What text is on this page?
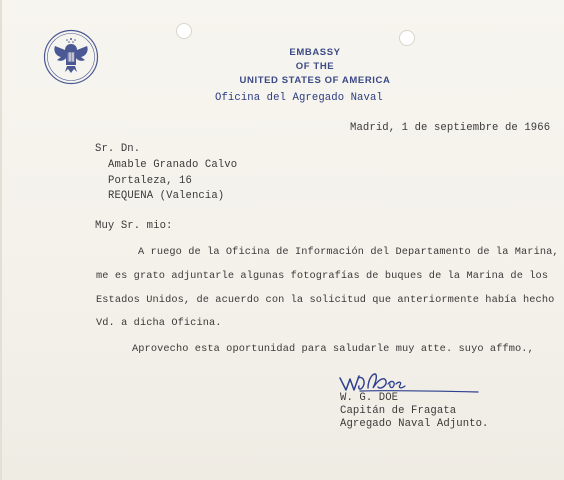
EMBASSY
OF THE
UNITED STATES OF AMERICA
Oficina del Agregado Naval
Madrid, 1 de septiembre de 1966
Sr. Dn.
Amable Granado Calvo
Portaleza, 16
REQUENA (Valencia)
Muy Sr. mio:
A ruego de la Oficina de Información del Departamento de la Marina,
me es grato adjuntarle algunas fotografías de buques de la Marina de los
Estados Unidos, de acuerdo con la solicitud que anteriormente había hecho
Vd. a dicha Oficina.
Aprovecho esta oportunidad para saludarle muy atte. suyo affmo.,
W. G. DOE
Capitán de Fragata
Agregado Naval Adjunto.
